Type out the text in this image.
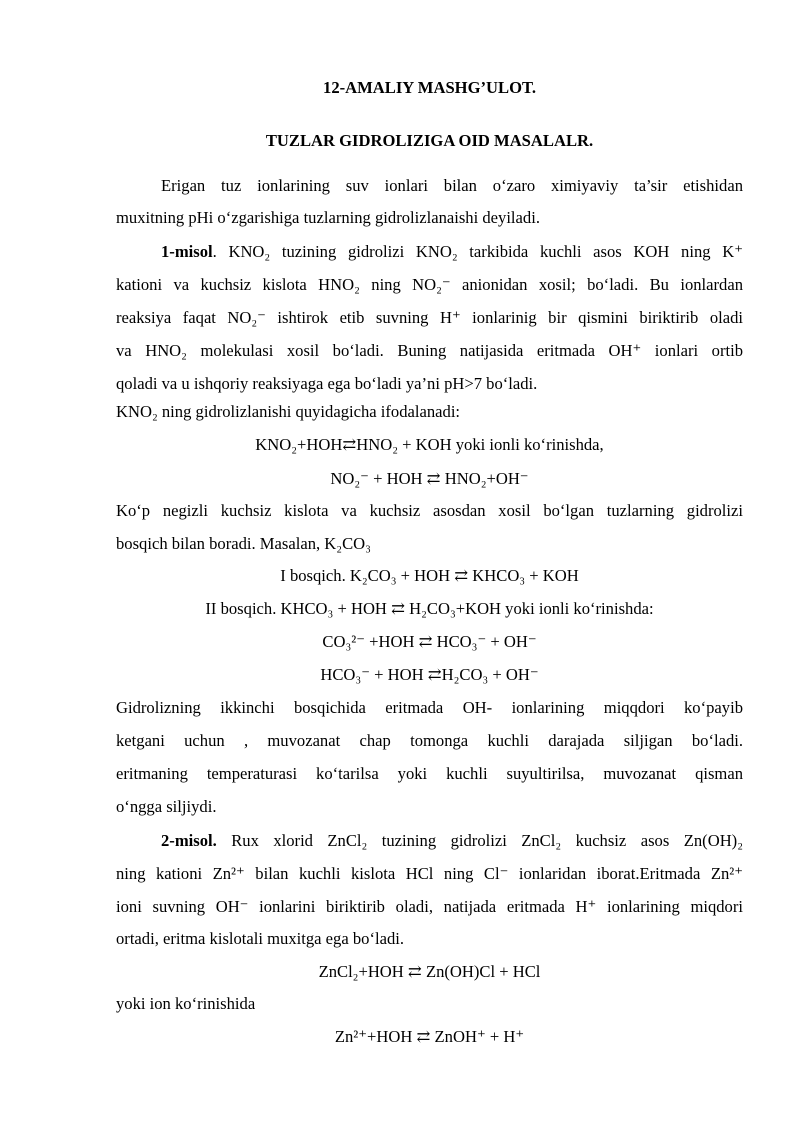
12-AMALIY MASHG’ULOT.
TUZLAR GIDROLIZIGA OID MASALALR.
Erigan tuz ionlarining suv ionlari bilan o‘zaro ximiyaviy ta’sir etishidan
muxitning pHi o‘zgarishiga tuzlarning gidrolizlanaishi deyiladi.
1-misol. KNO₂ tuzining gidrolizi KNO₂ tarkibida kuchli asos KOH ning K⁺
kationi va kuchsiz kislota HNO₂ ning NO₂⁻ anionidan xosil; bo‘ladi. Bu ionlardan
reaksiya faqat NO₂⁻ ishtirok etib suvning H⁺ ionlarinig bir qismini biriktirib oladi
va HNO₂ molekulasi xosil bo‘ladi. Buning natijasida eritmada OH⁺ ionlari ortib
qoladi va u ishqoriy reaksiyaga ega bo‘ladi ya’ni pH>7 bo‘ladi.
KNO₂ ning gidrolizlanishi quyidagicha ifodalanadi:
KNO₂+HOH⇄HNO₂ + KOH yoki ionli ko‘rinishda,
NO₂⁻ + HOH ⇄ HNO₂+OH⁻
Ko‘p negizli kuchsiz kislota va kuchsiz asosdan xosil bo‘lgan tuzlarning gidrolizi
bosqich bilan boradi. Masalan, K₂CO₃
I bosqich. K₂CO₃ + HOH ⇄ KHCO₃ + KOH
II bosqich. KHCO₃ + HOH ⇄ H₂CO₃+KOH yoki ionli ko‘rinishda:
CO₃²⁻ +HOH ⇄ HCO₃⁻ + OH⁻
HCO₃⁻ + HOH ⇄H₂CO₃ + OH⁻
Gidrolizning ikkinchi bosqichida eritmada OH- ionlarining miqqdori ko‘payib
ketgani uchun , muvozanat chap tomonga kuchli darajada siljigan bo‘ladi.
eritmaning temperaturasi ko‘tarilsa yoki kuchli suyultirilsa, muvozanat qisman
o‘ngga siljiydi.
2-misol. Rux xlorid ZnCl₂ tuzining gidrolizi ZnCl₂ kuchsiz asos Zn(OH)₂
ning kationi Zn²⁺ bilan kuchli kislota HCl ning Cl⁻ ionlaridan iborat.Eritmada Zn²⁺
ioni suvning OH⁻ ionlarini biriktirib oladi, natijada eritmada H⁺ ionlarining miqdori
ortadi, eritma kislotali muxitga ega bo‘ladi.
ZnCl₂+HOH ⇄ Zn(OH)Cl + HCl
yoki ion ko‘rinishida
Zn²⁺+HOH ⇄ ZnOH⁺ + H⁺
